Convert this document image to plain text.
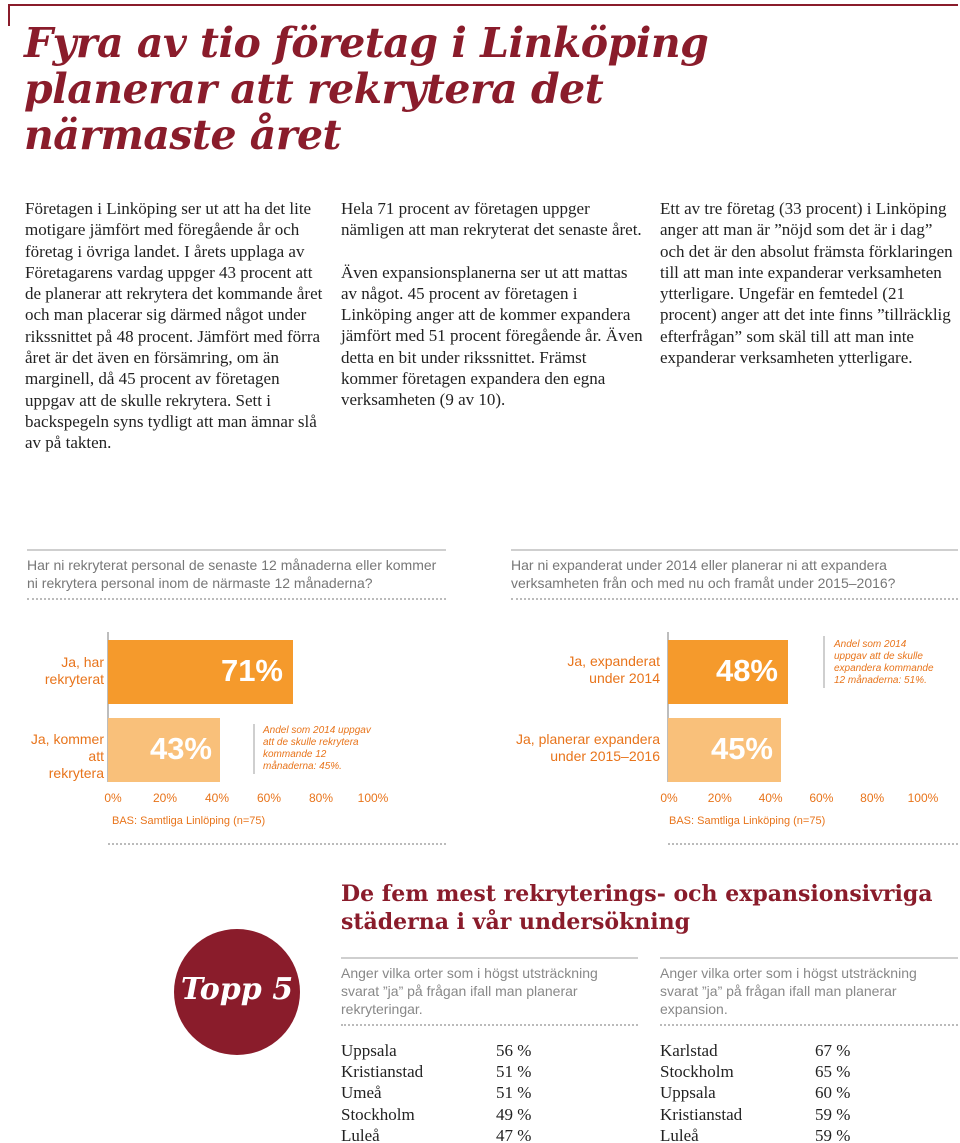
Fyra av tio företag i Linköping planerar att rekrytera det närmaste året

Företagen i Linköping ser ut att ha det lite motigare jämfört med föregående år och företag i övriga landet. I årets upplaga av Företagarens vardag uppger 43 procent att de planerar att rekrytera det kommande året och man placerar sig därmed något under rikssnittet på 48 procent. Jämfört med förra året är det även en försämring, om än marginell, då 45 procent av företagen uppgav att de skulle rekrytera. Sett i backspegeln syns tydligt att man ämnar slå av på takten.

Hela 71 procent av företagen uppger nämligen att man rekryterat det senaste året.

Även expansionsplanerna ser ut att mattas av något. 45 procent av företagen i Linköping anger att de kommer expandera jämfört med 51 procent föregående år. Även detta en bit under rikssnittet. Främst kommer företagen expandera den egna verksamheten (9 av 10).

Ett av tre företag (33 procent) i Linköping anger att man är ”nöjd som det är i dag” och det är den absolut främsta förklaringen till att man inte expanderar verksamheten ytterligare. Ungefär en femtedel (21 procent) anger att det inte finns ”tillräcklig efterfrågan” som skäl till att man inte expanderar verksamheten ytterligare.

Har ni rekryterat personal de senaste 12 månaderna eller kommer ni rekrytera personal inom de närmaste 12 månaderna?
Ja, har rekryterat
Ja, kommer att rekrytera
71%
43%
Andel som 2014 uppgav att de skulle rekrytera kommande 12 månaderna: 45%.
0%	20%	40%	60%	80%	100%
BAS: Samtliga Linlöping (n=75)
Har ni expanderat under 2014 eller planerar ni att expandera verksamheten från och med nu och framåt under 2015–2016?
Ja, expanderat under 2014
Ja, planerar expandera under 2015–2016
48%
45%
Andel som 2014 uppgav att de skulle expandera kommande 12 månaderna: 51%.
0%	20%	40%	60%	80%	100%
BAS: Samtliga Linköping (n=75)
Topp 5
De fem mest rekryterings- och expansionsivriga städerna i vår undersökning
Anger vilka orter som i högst utsträckning svarat ”ja” på frågan ifall man planerar rekryteringar.
Uppsala	56 %
Kristianstad	51 %
Umeå	51 %
Stockholm	49 %
Luleå	47 %
Anger vilka orter som i högst utsträckning svarat ”ja” på frågan ifall man planerar expansion.
Karlstad	67 %
Stockholm	65 %
Uppsala	60 %
Kristianstad	59 %
Luleå	59 %
